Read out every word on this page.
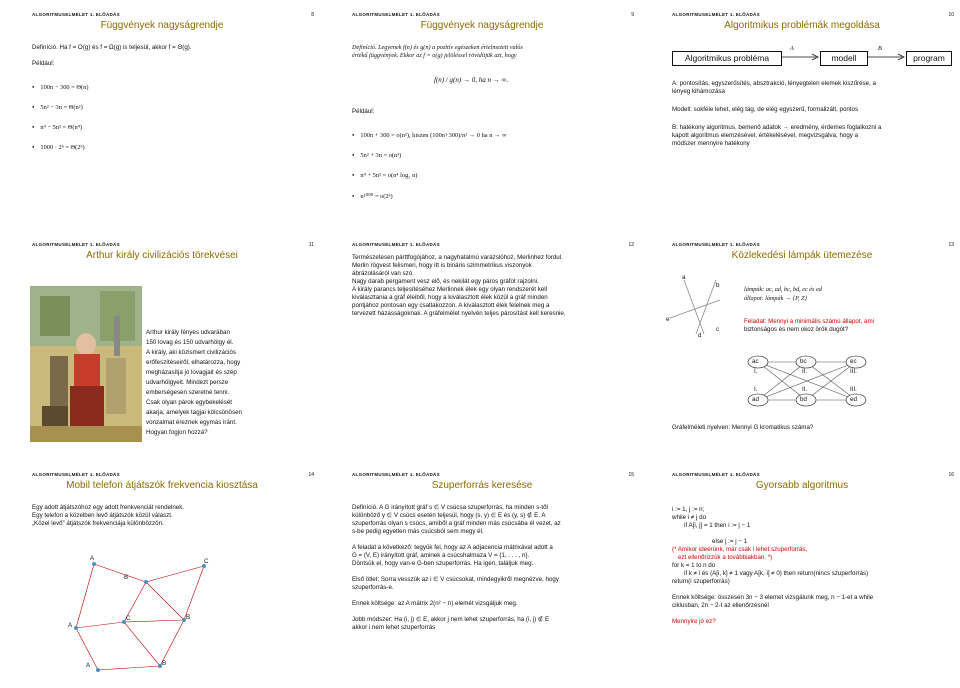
ALGORITMUSELMÉLET 1. ELŐADÁS	8
Függvények nagyságrendje
Definíció. Ha f = O(g) és f = Ω(g) is teljesül, akkor f = Θ(g).
Például:
● 100n − 300 = Θ(n)
● 5n² − 3n = Θ(n²)
● n⁴ − 5n³ = Θ(n⁴)
● 1000 · 2ⁿ = Θ(2ⁿ)
ALGORITMUSELMÉLET 1. ELŐADÁS	9
Függvények nagyságrendje
Definíció. Legyenek f(n) és g(n) a pozitív egészeken értelmezett valós
értékű függvények. Ekkor az f = o(g) jelöléssel rövidítjük azt, hogy
f(n) / g(n) → 0, ha n → ∞.
Például:
● 100n + 300 = o(n²), hiszen (100n+300)/n² → 0 ha n → ∞
● 5n² + 3n = o(n³)
● n⁴ + 5n³ = o(n⁴ log₂ n)
● n¹⁰⁰⁰ = o(2ⁿ)
ALGORITMUSELMÉLET 1. ELŐADÁS	10
Algoritmikus problémák megoldása
Algoritmikus probléma
A
modell
B
program
A: pontosítás, egyszerűsítés, absztrakció, lényegtelen elemek kiszűrése, a
lényeg kihámozása
Modell: sokféle lehet, elég tág, de elég egyszerű, formalizált, pontos
B: hatékony algoritmus, bemenő adatok → eredmény, érdemes foglalkozni a
kapott algoritmus elemzésével, értékelésével, megvizsgálva, hogy a
módszer mennyire hatékony
ALGORITMUSELMÉLET 1. ELŐADÁS	11
Arthur király civilizációs törekvései
Arthur király fényes udvarában
150 lovag és 150 udvarhölgy él.
A király, aki közismert civilizációs
erőfeszítéseiről, elhatározza, hogy
megházasítja jó lovagjait és szép
udvarhölgyeit. Mindezt persze
emberségesen szeretné tenni.
Csak olyan párok egybekelését
akarja, amelyek tagjai kölcsönösen
vonzalmat éreznek egymás iránt.
Hogyan fogjon hozzá?
ALGORITMUSELMÉLET 1. ELŐADÁS	12
Természetesen párttfogójához, a nagyhatalmú varázslóhoz, Merlinhez fordul.
Merlin rögvest felismeri, hogy itt is bináris szimmetrikus viszonyok
ábrázolásáról van szó.
Nagy darab pergament vesz elő, és nekilát egy páros gráfot rajzolni.
A király parancs teljesítéséhez Merlinnek élek egy olyan rendszerét kell
kiválasztania a gráf éleiből, hogy a kiválasztott élek közül a gráf minden
pontjához pontosan egy csatlakozzon. A kiválasztott élek felelnek meg a
tervezett házasságoknak. A gráfelmélet nyelvén teljes párosítást kell keresnie.
ALGORITMUSELMÉLET 1. ELŐADÁS	13
Közlekedési lámpák ütemezése
a
b
c
d
e
lámpák: ac, ad, bc, bd, ec és ed
állapot: lámpák → {P, Z}
Feladat: Mennyi a minimális számú állapot, ami
biztonságos és nem okoz örök dugót?
ac	bc	ec
ad	bd	ed
I.	II.	III.
I.	II.	III.
Gráfelméleti nyelven: Mennyi G kromatikus száma?
ALGORITMUSELMÉLET 1. ELŐADÁS	14
Mobil telefon átjátszók frekvencia kiosztása
Egy adott átjátszóhoz egy adott frenkvenciát rendelnek.
Egy telefon a közelben levő átjátszók közül választ.
„Közel levő” átjátszók frekvenciája különbözzön.
A
B
C
A
C	B
A	B
ALGORITMUSELMÉLET 1. ELŐADÁS	15
Szuperforrás keresése
Definíció. A G irányított gráf s ∈ V csúcsa szuperforrás, ha minden s-től
különböző y ∈ V csúcs esetén teljesül, hogy (s, y) ∈ E és (y, s) ∉ E. A
szuperforrás olyan s csúcs, amiből a gráf minden más csúcsába él vezet, az
s-be pedig egyetlen más csúcsból sem megy él.
A feladat a következő: tegyük fel, hogy az A adjacencia mátrixával adott a
G = (V, E) irányított gráf, aminek a csúcshalmaza V = {1, . . . , n}.
Döntsük el, hogy van-e G-ben szuperforrás. Ha igen, találjuk meg.
Első ötlet: Sorra vesszük az i ∈ V csúcsokat, mindegyikről megnézve, hogy
szuperforrás-e.
Ennek költsége: az A mátrix 2(n² − n) elemét vizsgáljuk meg.
Jobb módszer: Ha (i, j) ∈ E, akkor j nem lehet szuperforrás, ha (i, j) ∉ E
akkor i nem lehet szuperforrás
ALGORITMUSELMÉLET 1. ELŐADÁS	16
Gyorsabb algoritmus
i := 1, j := n;
while i ≠ j do
if A[i, j] = 1 then i := j − 1
else j := j − 1
(* Amikor ideérünk, már csak i lehet szuperforrás,
ezt ellenőrizzük a továbbiakban. *)
for k = 1 to n do
if k ≠ i és (A[i, k] ≠ 1 vagy A[k, i] ≠ 0) then return(nincs szuperforrás)
return(i szuperforrás)
Ennek költsége: összesen 3n − 3 elemet vizsgálunk meg, n − 1-et a while
ciklusban, 2n − 2-t az ellenőrzésnél
Mennyire jó ez?
